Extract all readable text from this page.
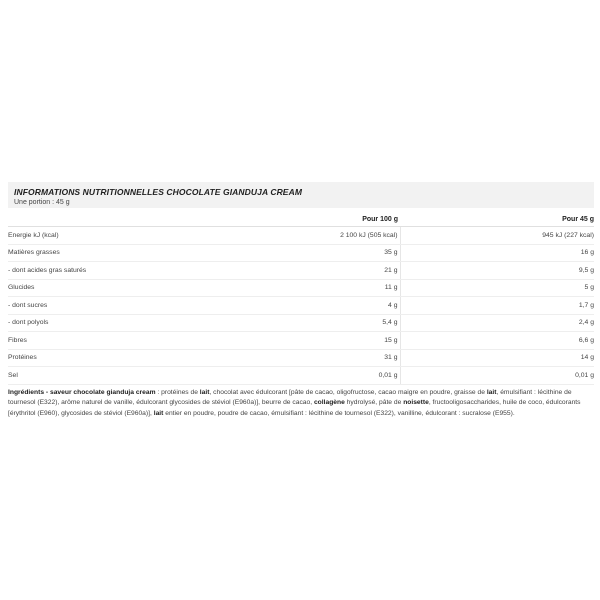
INFORMATIONS NUTRITIONNELLES CHOCOLATE GIANDUJA CREAM
Une portion : 45 g
	Pour 100 g	Pour 45 g
Energie kJ (kcal)	2 100 kJ (505 kcal)	945 kJ (227 kcal)
Matières grasses	35 g	16 g
- dont acides gras saturés	21 g	9,5 g
Glucides	11 g	5 g
- dont sucres	4 g	1,7 g
- dont polyols	5,4 g	2,4 g
Fibres	15 g	6,6 g
Protéines	31 g	14 g
Sel	0,01 g	0,01 g
Ingrédients - saveur chocolate gianduja cream : protéines de lait, chocolat avec édulcorant [pâte de cacao, oligofructose, cacao maigre en poudre, graisse de lait, émulsifiant : lécithine de tournesol (E322), arôme naturel de vanille, édulcorant glycosides de stéviol (E960a)], beurre de cacao, collagène hydrolysé, pâte de noisette, fructooligosaccharides, huile de coco, édulcorants [érythritol (E960), glycosides de stéviol (E960a)], lait entier en poudre, poudre de cacao, émulsifiant : lécithine de tournesol (E322), vanilline, édulcorant : sucralose (E955).
